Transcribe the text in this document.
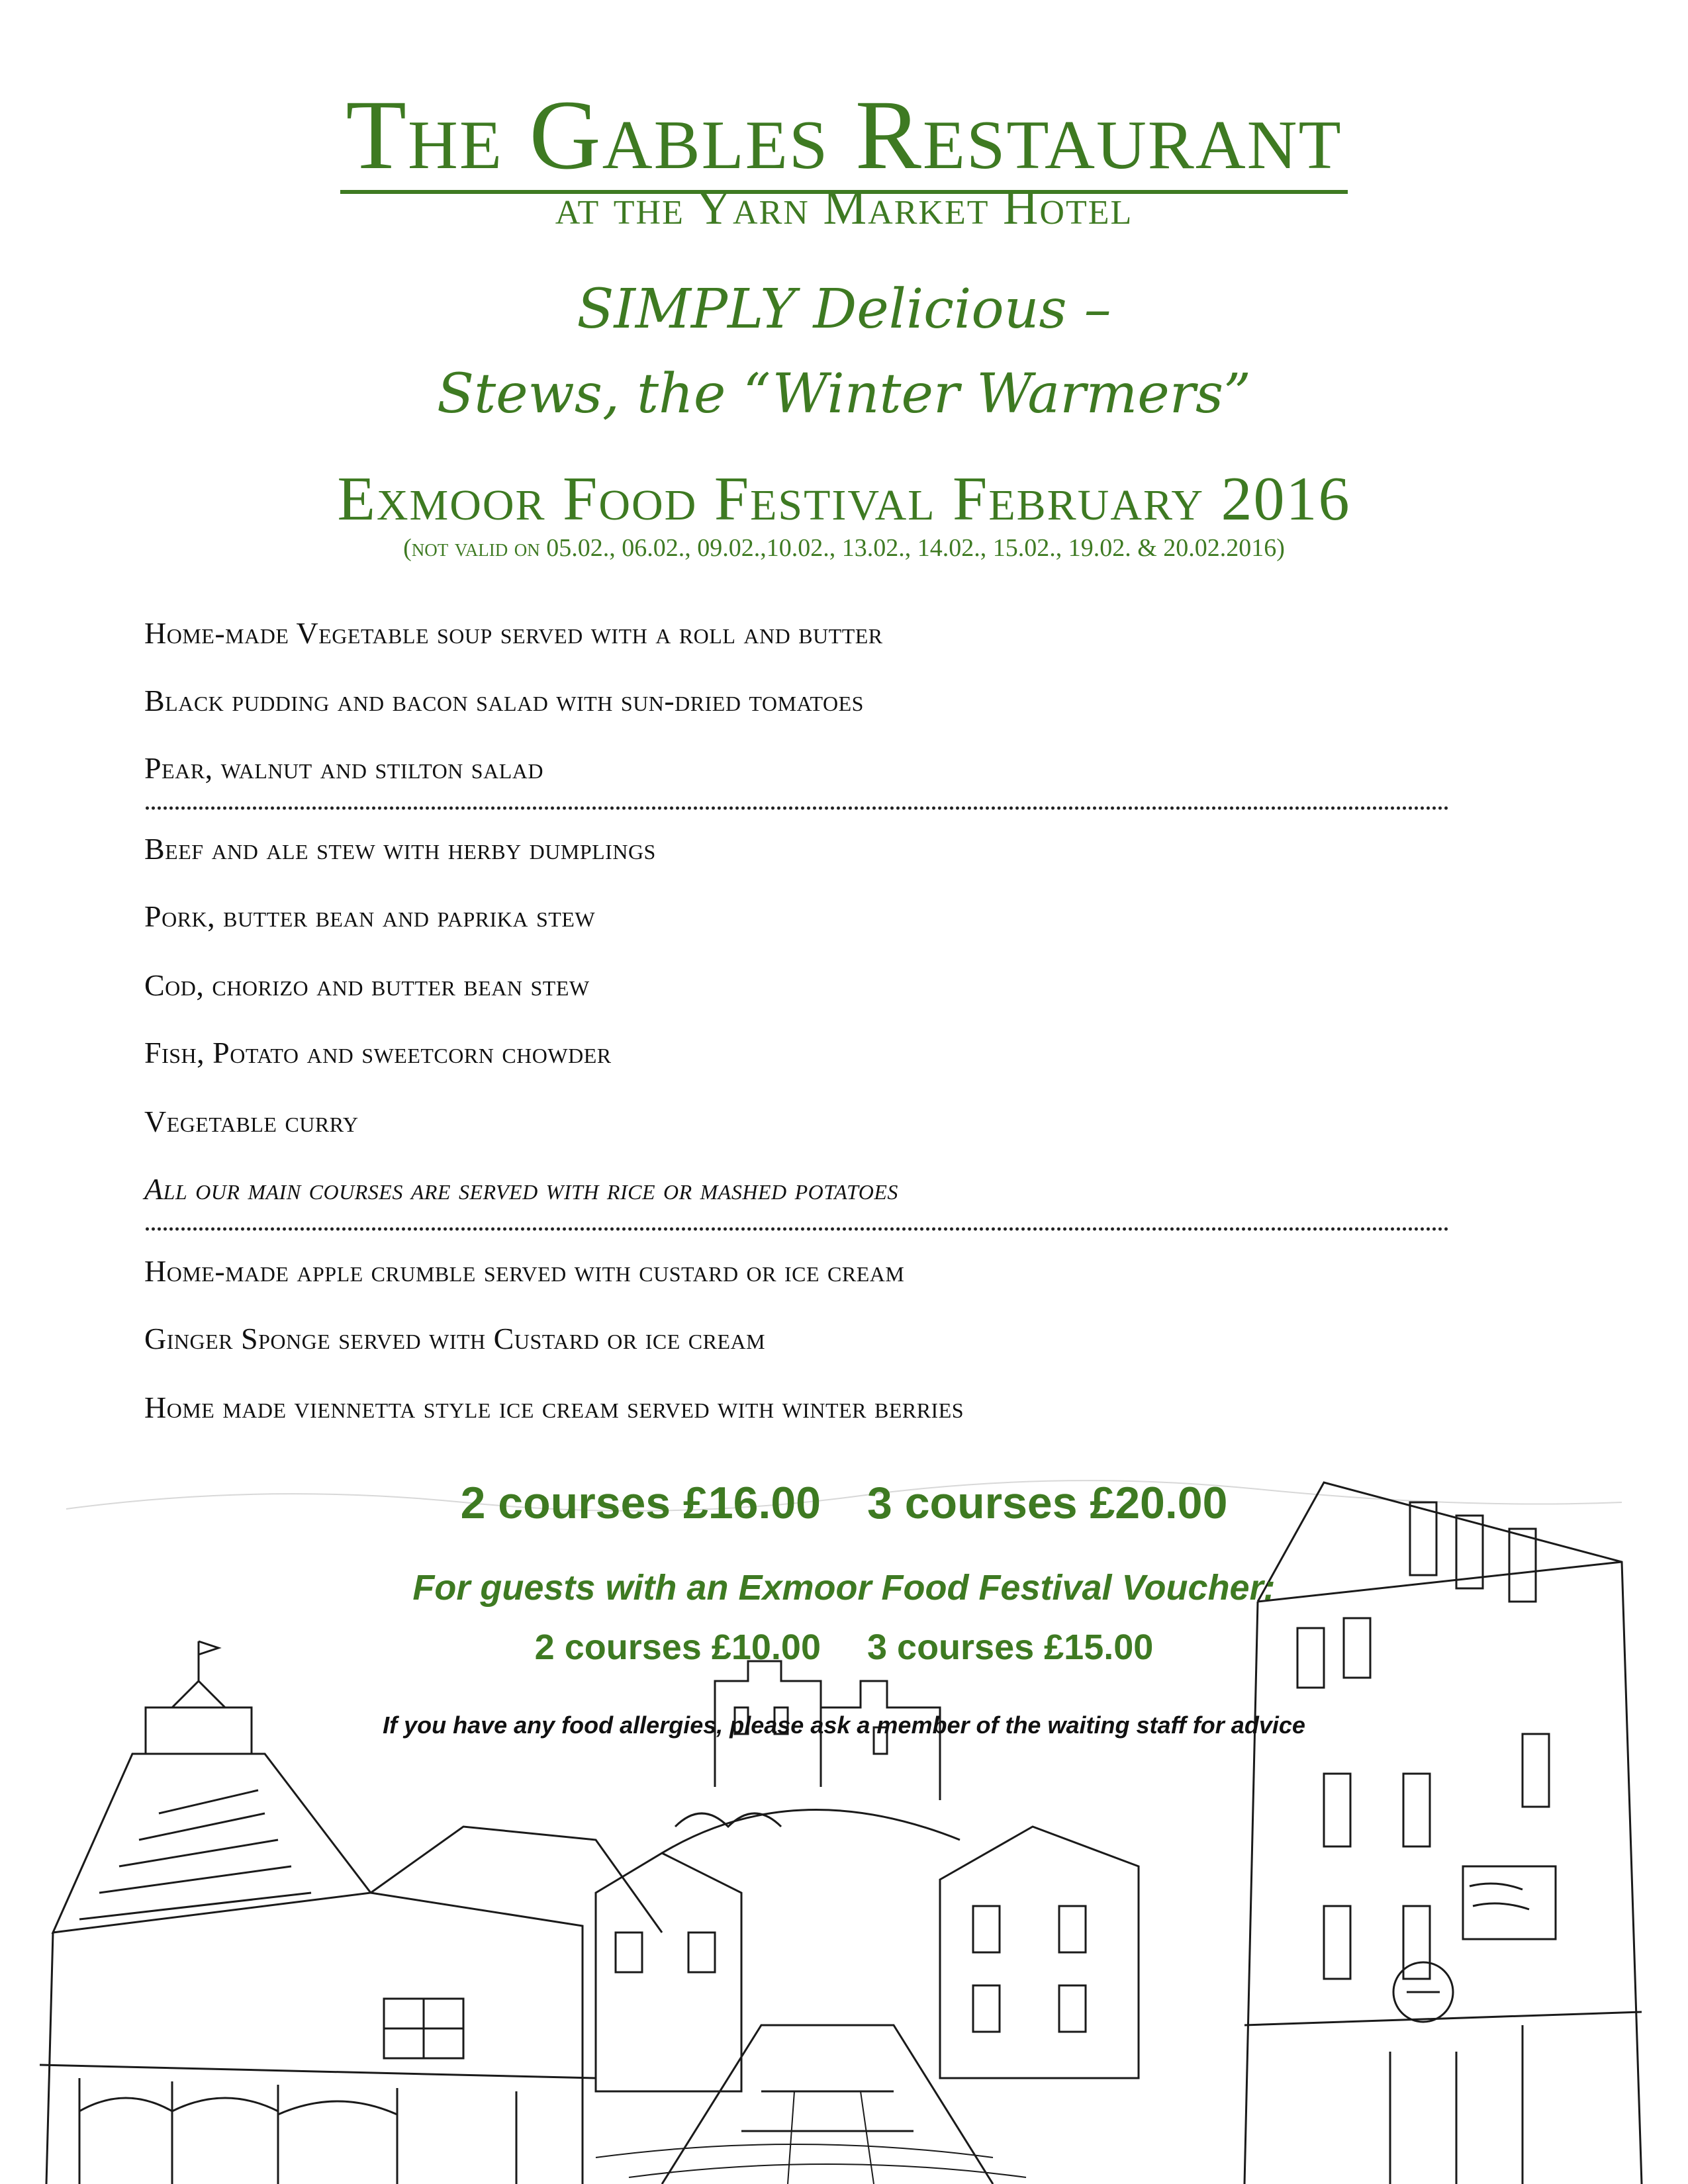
The Gables Restaurant
at the Yarn Market Hotel
SIMPLY Delicious –
Stews, the “Winter Warmers”
Exmoor Food Festival February 2016
(not valid on 05.02., 06.02., 09.02.,10.02., 13.02., 14.02., 15.02., 19.02. & 20.02.2016)
Home-made Vegetable soup served with a roll and butter
Black pudding and bacon salad with sun-dried tomatoes
Pear, walnut and stilton salad
Beef and ale stew with herby dumplings
Pork, butter bean and paprika stew
Cod, chorizo and butter bean stew
Fish, Potato and sweetcorn chowder
Vegetable curry
All our main courses are served with rice or mashed potatoes
Home-made apple crumble served with custard or ice cream
Ginger Sponge served with Custard or ice cream
Home made viennetta style ice cream served with winter berries
2 courses £16.00 3 courses £20.00
For guests with an Exmoor Food Festival Voucher:
2 courses £10.00 3 courses £15.00
If you have any food allergies, please ask a member of the waiting staff for advice
